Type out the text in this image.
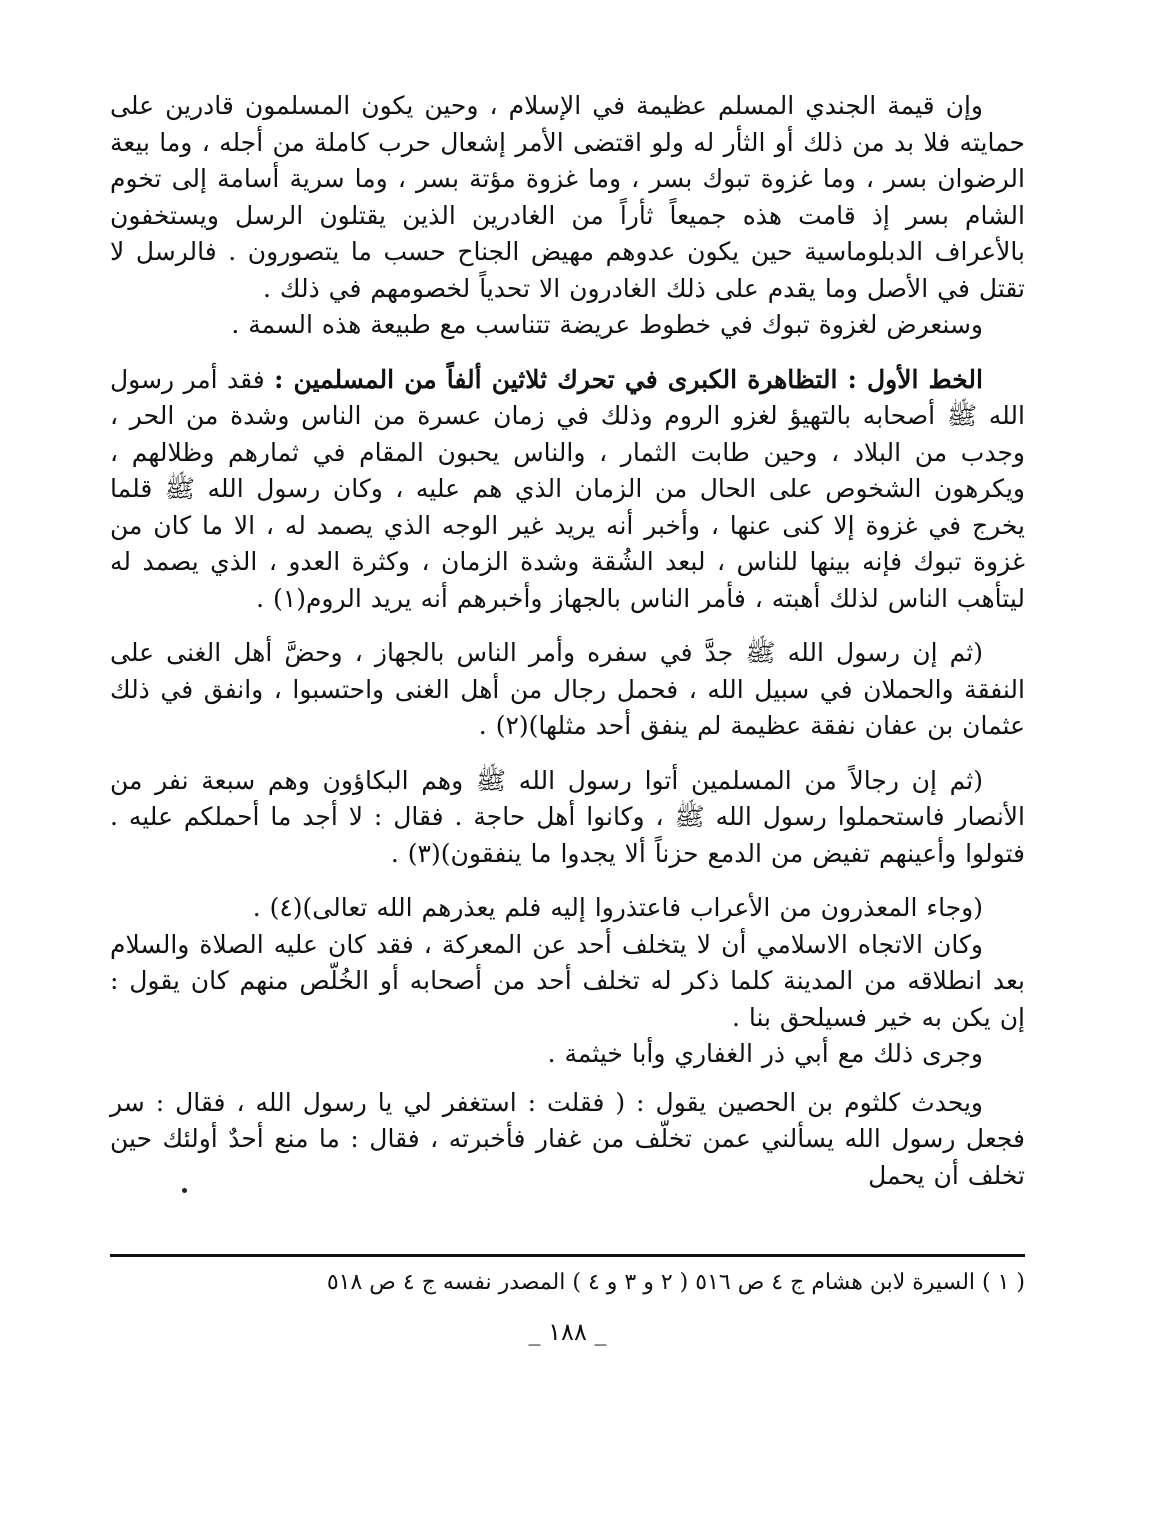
وإن قيمة الجندي المسلم عظيمة في الإسلام ، وحين يكون المسلمون قادرين على حمايته فلا بد من ذلك أو الثأر له ولو اقتضى الأمر إشعال حرب كاملة من أجله ، وما بيعة الرضوان بسر ، وما غزوة تبوك بسر ، وما غزوة مؤتة بسر ، وما سرية أسامة إلى تخوم الشام بسر إذ قامت هذه جميعاً ثأراً من الغادرين الذين يقتلون الرسل ويستخفون بالأعراف الدبلوماسية حين يكون عدوهم مهيض الجناح حسب ما يتصورون . فالرسل لا تقتل في الأصل وما يقدم على ذلك الغادرون الا تحدياً لخصومهم في ذلك .

وسنعرض لغزوة تبوك في خطوط عريضة تتناسب مع طبيعة هذه السمة .

الخط الأول : التظاهرة الكبرى في تحرك ثلاثين ألفاً من المسلمين : فقد أمر رسول الله ﷺ أصحابه بالتهيؤ لغزو الروم وذلك في زمان عسرة من الناس وشدة من الحر ، وجدب من البلاد ، وحين طابت الثمار ، والناس يحبون المقام في ثمارهم وظلالهم ، ويكرهون الشخوص على الحال من الزمان الذي هم عليه ، وكان رسول الله ﷺ قلما يخرج في غزوة إلا كنى عنها ، وأخبر أنه يريد غير الوجه الذي يصمد له ، الا ما كان من غزوة تبوك فإنه بينها للناس ، لبعد الشُقة وشدة الزمان ، وكثرة العدو ، الذي يصمد له ليتأهب الناس لذلك أهبته ، فأمر الناس بالجهاز وأخبرهم أنه يريد الروم(١) .

(ثم إن رسول الله ﷺ جدَّ في سفره وأمر الناس بالجهاز ، وحضَّ أهل الغنى على النفقة والحملان في سبيل الله ، فحمل رجال من أهل الغنى واحتسبوا ، وانفق في ذلك عثمان بن عفان نفقة عظيمة لم ينفق أحد مثلها)(٢) .

(ثم إن رجالاً من المسلمين أتوا رسول الله ﷺ وهم البكاؤون وهم سبعة نفر من الأنصار فاستحملوا رسول الله ﷺ ، وكانوا أهل حاجة . فقال : لا أجد ما أحملكم عليه . فتولوا وأعينهم تفيض من الدمع حزناً ألا يجدوا ما ينفقون)(٣) .

(وجاء المعذرون من الأعراب فاعتذروا إليه فلم يعذرهم الله تعالى)(٤) .

وكان الاتجاه الاسلامي أن لا يتخلف أحد عن المعركة ، فقد كان عليه الصلاة والسلام بعد انطلاقه من المدينة كلما ذكر له تخلف أحد من أصحابه أو الخُلّص منهم كان يقول : إن يكن به خير فسيلحق بنا .

وجرى ذلك مع أبي ذر الغفاري وأبا خيثمة .

ويحدث كلثوم بن الحصين يقول : ( فقلت : استغفر لي يا رسول الله ، فقال : سر فجعل رسول الله يسألني عمن تخلّف من غفار فأخبرته ، فقال : ما منع أحدٌ أولئك حين تخلف أن يحمل

( ١ ) السيرة لابن هشام ج ٤ ص ٥١٦ ( ٢ و ٣ و ٤ ) المصدر نفسه ج ٤ ص ٥١٨
_ ١٨٨ _
